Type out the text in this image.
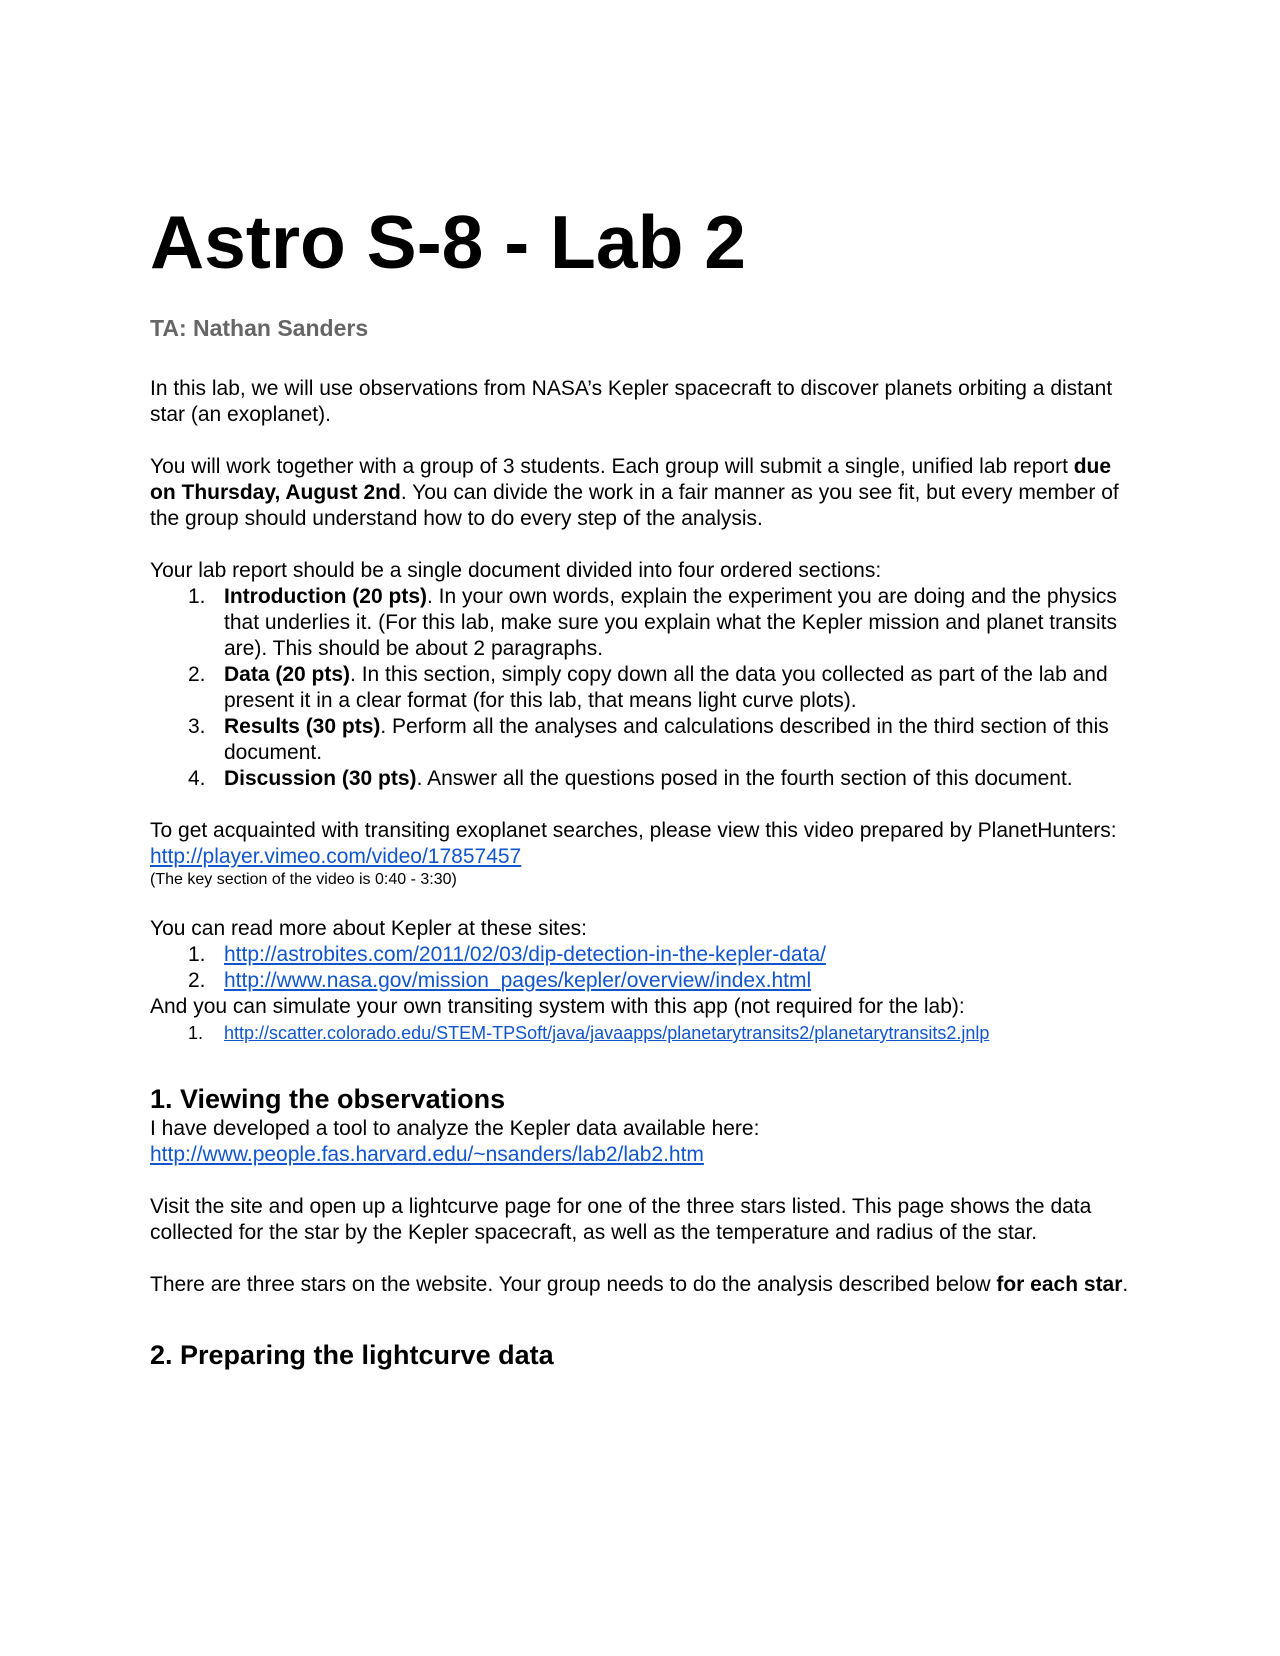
Astro S-8 - Lab 2

TA: Nathan Sanders

In this lab, we will use observations from NASA’s Kepler spacecraft to discover planets orbiting a distant star (an exoplanet).

You will work together with a group of 3 students. Each group will submit a single, unified lab report due on Thursday, August 2nd. You can divide the work in a fair manner as you see fit, but every member of the group should understand how to do every step of the analysis.

Your lab report should be a single document divided into four ordered sections:

1. Introduction (20 pts). In your own words, explain the experiment you are doing and the physics that underlies it. (For this lab, make sure you explain what the Kepler mission and planet transits are). This should be about 2 paragraphs.
2. Data (20 pts). In this section, simply copy down all the data you collected as part of the lab and present it in a clear format (for this lab, that means light curve plots).
3. Results (30 pts). Perform all the analyses and calculations described in the third section of this document.
4. Discussion (30 pts). Answer all the questions posed in the fourth section of this document.

To get acquainted with transiting exoplanet searches, please view this video prepared by PlanetHunters: http://player.vimeo.com/video/17857457

(The key section of the video is 0:40 - 3:30)

You can read more about Kepler at these sites:

1. http://astrobites.com/2011/02/03/dip-detection-in-the-kepler-data/
2. http://www.nasa.gov/mission_pages/kepler/overview/index.html

And you can simulate your own transiting system with this app (not required for the lab):

1. http://scatter.colorado.edu/STEM-TPSoft/java/javaapps/planetarytransits2/planetarytransits2.jnlp
1. Viewing the observations

I have developed a tool to analyze the Kepler data available here:

http://www.people.fas.harvard.edu/~nsanders/lab2/lab2.htm

Visit the site and open up a lightcurve page for one of the three stars listed. This page shows the data collected for the star by the Kepler spacecraft, as well as the temperature and radius of the star.

There are three stars on the website. Your group needs to do the analysis described below for each star.

2. Preparing the lightcurve data
